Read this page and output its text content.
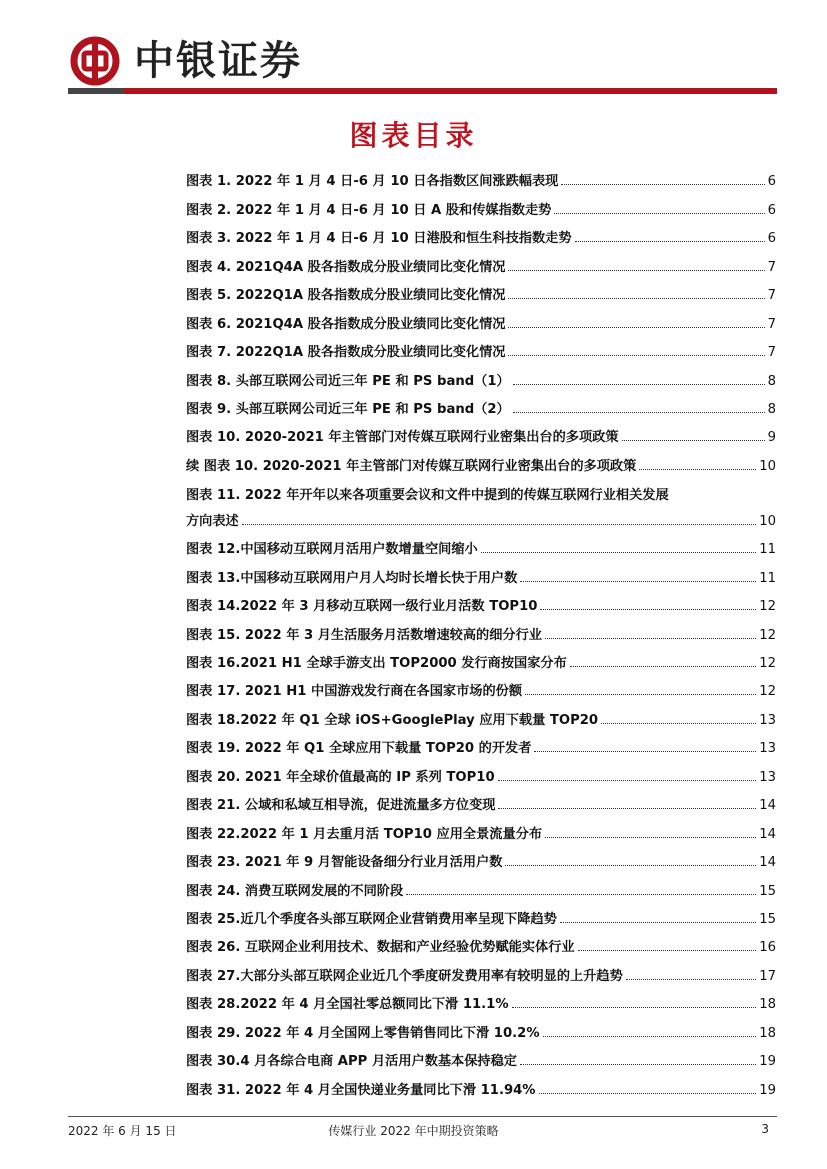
中银证券
图表目录
图表 1. 2022 年 1 月 4 日-6 月 10 日各指数区间涨跌幅表现	6
图表 2. 2022 年 1 月 4 日-6 月 10 日 A 股和传媒指数走势	6
图表 3. 2022 年 1 月 4 日-6 月 10 日港股和恒生科技指数走势	6
图表 4. 2021Q4A 股各指数成分股业绩同比变化情况	7
图表 5. 2022Q1A 股各指数成分股业绩同比变化情况	7
图表 6. 2021Q4A 股各指数成分股业绩同比变化情况	7
图表 7. 2022Q1A 股各指数成分股业绩同比变化情况	7
图表 8. 头部互联网公司近三年 PE 和 PS band（1）	8
图表 9. 头部互联网公司近三年 PE 和 PS band（2）	8
图表 10. 2020-2021 年主管部门对传媒互联网行业密集出台的多项政策	9
续 图表 10. 2020-2021 年主管部门对传媒互联网行业密集出台的多项政策	10
图表 11. 2022 年开年以来各项重要会议和文件中提到的传媒互联网行业相关发展
方向表述	10
图表 12.中国移动互联网月活用户数增量空间缩小	11
图表 13.中国移动互联网用户月人均时长增长快于用户数	11
图表 14.2022 年 3 月移动互联网一级行业月活数 TOP10	12
图表 15. 2022 年 3 月生活服务月活数增速较高的细分行业	12
图表 16.2021 H1 全球手游支出 TOP2000 发行商按国家分布	12
图表 17. 2021 H1 中国游戏发行商在各国家市场的份额	12
图表 18.2022 年 Q1 全球 iOS+GooglePlay 应用下载量 TOP20	13
图表 19. 2022 年 Q1 全球应用下载量 TOP20 的开发者	13
图表 20. 2021 年全球价值最高的 IP 系列 TOP10	13
图表 21. 公域和私域互相导流，促进流量多方位变现	14
图表 22.2022 年 1 月去重月活 TOP10 应用全景流量分布	14
图表 23. 2021 年 9 月智能设备细分行业月活用户数	14
图表 24. 消费互联网发展的不同阶段	15
图表 25.近几个季度各头部互联网企业营销费用率呈现下降趋势	15
图表 26. 互联网企业利用技术、数据和产业经验优势赋能实体行业	16
图表 27.大部分头部互联网企业近几个季度研发费用率有较明显的上升趋势	17
图表 28.2022 年 4 月全国社零总额同比下滑 11.1%	18
图表 29. 2022 年 4 月全国网上零售销售同比下滑 10.2%	18
图表 30.4 月各综合电商 APP 月活用户数基本保持稳定	19
图表 31. 2022 年 4 月全国快递业务量同比下滑 11.94%	19
2022 年 6 月 15 日	传媒行业 2022 年中期投资策略	3
